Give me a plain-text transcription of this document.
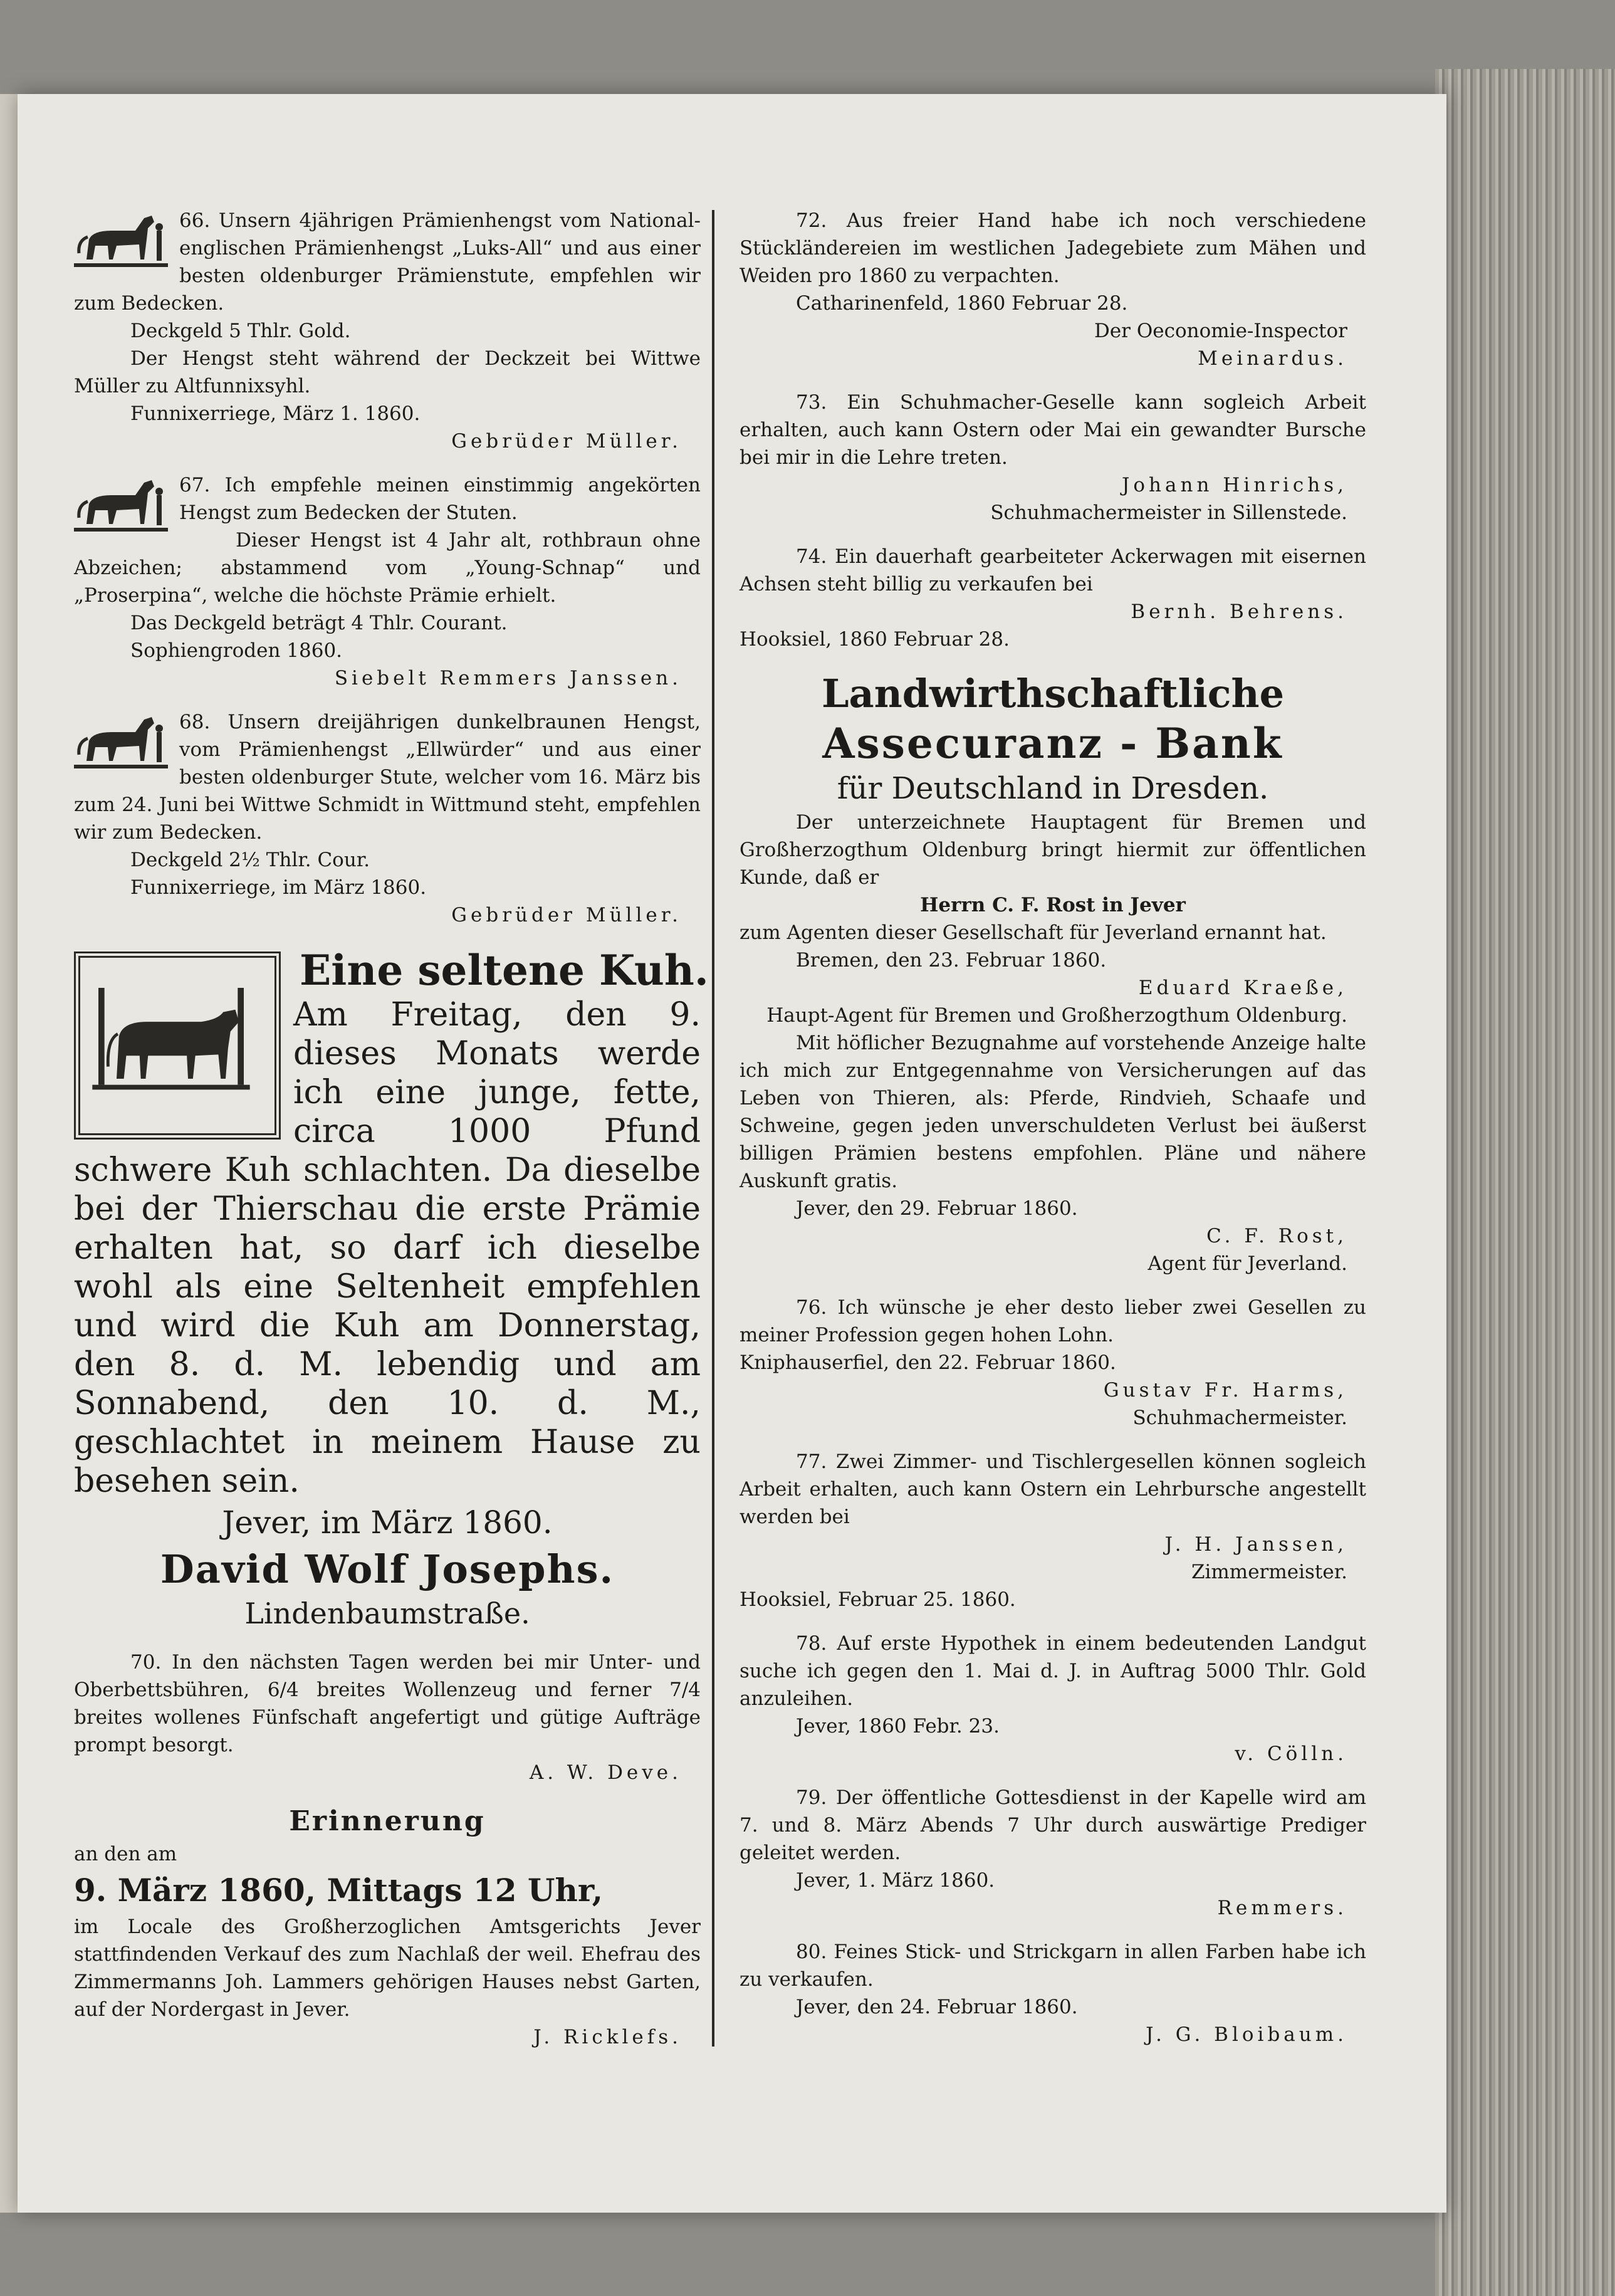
66. Unsern 4jährigen Prämienhengst vom National-englischen Prämienhengst „Luks-All“ und aus einer besten oldenburger Prämienstute, empfehlen wir zum Bedecken.

Deckgeld 5 Thlr. Gold.

Der Hengst steht während der Deckzeit bei Wittwe Müller zu Altfunnixsyhl.

Funnixerriege, März 1. 1860.

Gebrüder Müller.

67. Ich empfehle meinen einstimmig angekörten Hengst zum Bedecken der Stuten.

Dieser Hengst ist 4 Jahr alt, rothbraun ohne Abzeichen; abstammend vom „Young-Schnap“ und „Proserpina“, welche die höchste Prämie erhielt.

Das Deckgeld beträgt 4 Thlr. Courant.

Sophiengroden 1860.

Siebelt Remmers Janssen.

68. Unsern dreijährigen dunkelbraunen Hengst, vom Prämienhengst „Ellwürder“ und aus einer besten oldenburger Stute, welcher vom 16. März bis zum 24. Juni bei Wittwe Schmidt in Wittmund steht, empfehlen wir zum Bedecken.

Deckgeld 2½ Thlr. Cour.

Funnixerriege, im März 1860.

Gebrüder Müller.

Eine seltene Kuh.
Am Freitag, den 9. dieses Monats werde ich eine junge, fette, circa 1000 Pfund schwere Kuh schlachten. Da dieselbe bei der Thierschau die erste Prämie erhalten hat, so darf ich dieselbe wohl als eine Seltenheit empfehlen und wird die Kuh am Donnerstag, den 8. d. M. lebendig und am Sonnabend, den 10. d. M., geschlachtet in meinem Hause zu besehen sein.
Jever, im März 1860.
David Wolf Josephs.
Lindenbaumstraße.

70. In den nächsten Tagen werden bei mir Unter- und Oberbettsbühren, 6/4 breites Wollenzeug und ferner 7/4 breites wollenes Fünfschaft angefertigt und gütige Aufträge prompt besorgt.

A. W. Deve.

Erinnerung

an den am

9. März 1860, Mittags 12 Uhr,

im Locale des Großherzoglichen Amtsgerichts Jever stattfindenden Verkauf des zum Nachlaß der weil. Ehefrau des Zimmermanns Joh. Lammers gehörigen Hauses nebst Garten, auf der Nordergast in Jever.

J. Ricklefs.

72. Aus freier Hand habe ich noch verschiedene Stückländereien im westlichen Jadegebiete zum Mähen und Weiden pro 1860 zu verpachten.

Catharinenfeld, 1860 Februar 28.

Der Oeconomie-Inspector

Meinardus.

73. Ein Schuhmacher-Geselle kann sogleich Arbeit erhalten, auch kann Ostern oder Mai ein gewandter Bursche bei mir in die Lehre treten.

Johann Hinrichs,

Schuhmachermeister in Sillenstede.

74. Ein dauerhaft gearbeiteter Ackerwagen mit eisernen Achsen steht billig zu verkaufen bei

Bernh. Behrens.

Hooksiel, 1860 Februar 28.

Landwirthschaftliche
Assecuranz - Bank
für Deutschland in Dresden.

Der unterzeichnete Hauptagent für Bremen und Großherzogthum Oldenburg bringt hiermit zur öffentlichen Kunde, daß er

Herrn C. F. Rost in Jever

zum Agenten dieser Gesellschaft für Jeverland ernannt hat.

Bremen, den 23. Februar 1860.

Eduard Kraeße,

Haupt-Agent für Bremen und Großherzogthum Oldenburg.

Mit höflicher Bezugnahme auf vorstehende Anzeige halte ich mich zur Entgegennahme von Versicherungen auf das Leben von Thieren, als: Pferde, Rindvieh, Schaafe und Schweine, gegen jeden unverschuldeten Verlust bei äußerst billigen Prämien bestens empfohlen. Pläne und nähere Auskunft gratis.

Jever, den 29. Februar 1860.

C. F. Rost,

Agent für Jeverland.

76. Ich wünsche je eher desto lieber zwei Gesellen zu meiner Profession gegen hohen Lohn.

Kniphauserfiel, den 22. Februar 1860.

Gustav Fr. Harms,

Schuhmachermeister.

77. Zwei Zimmer- und Tischlergesellen können sogleich Arbeit erhalten, auch kann Ostern ein Lehrbursche angestellt werden bei

J. H. Janssen,

Zimmermeister.

Hooksiel, Februar 25. 1860.

78. Auf erste Hypothek in einem bedeutenden Landgut suche ich gegen den 1. Mai d. J. in Auftrag 5000 Thlr. Gold anzuleihen.

Jever, 1860 Febr. 23.

v. Cölln.

79. Der öffentliche Gottesdienst in der Kapelle wird am 7. und 8. März Abends 7 Uhr durch auswärtige Prediger geleitet werden.

Jever, 1. März 1860.

Remmers.

80. Feines Stick- und Strickgarn in allen Farben habe ich zu verkaufen.

Jever, den 24. Februar 1860.

J. G. Bloibaum.
